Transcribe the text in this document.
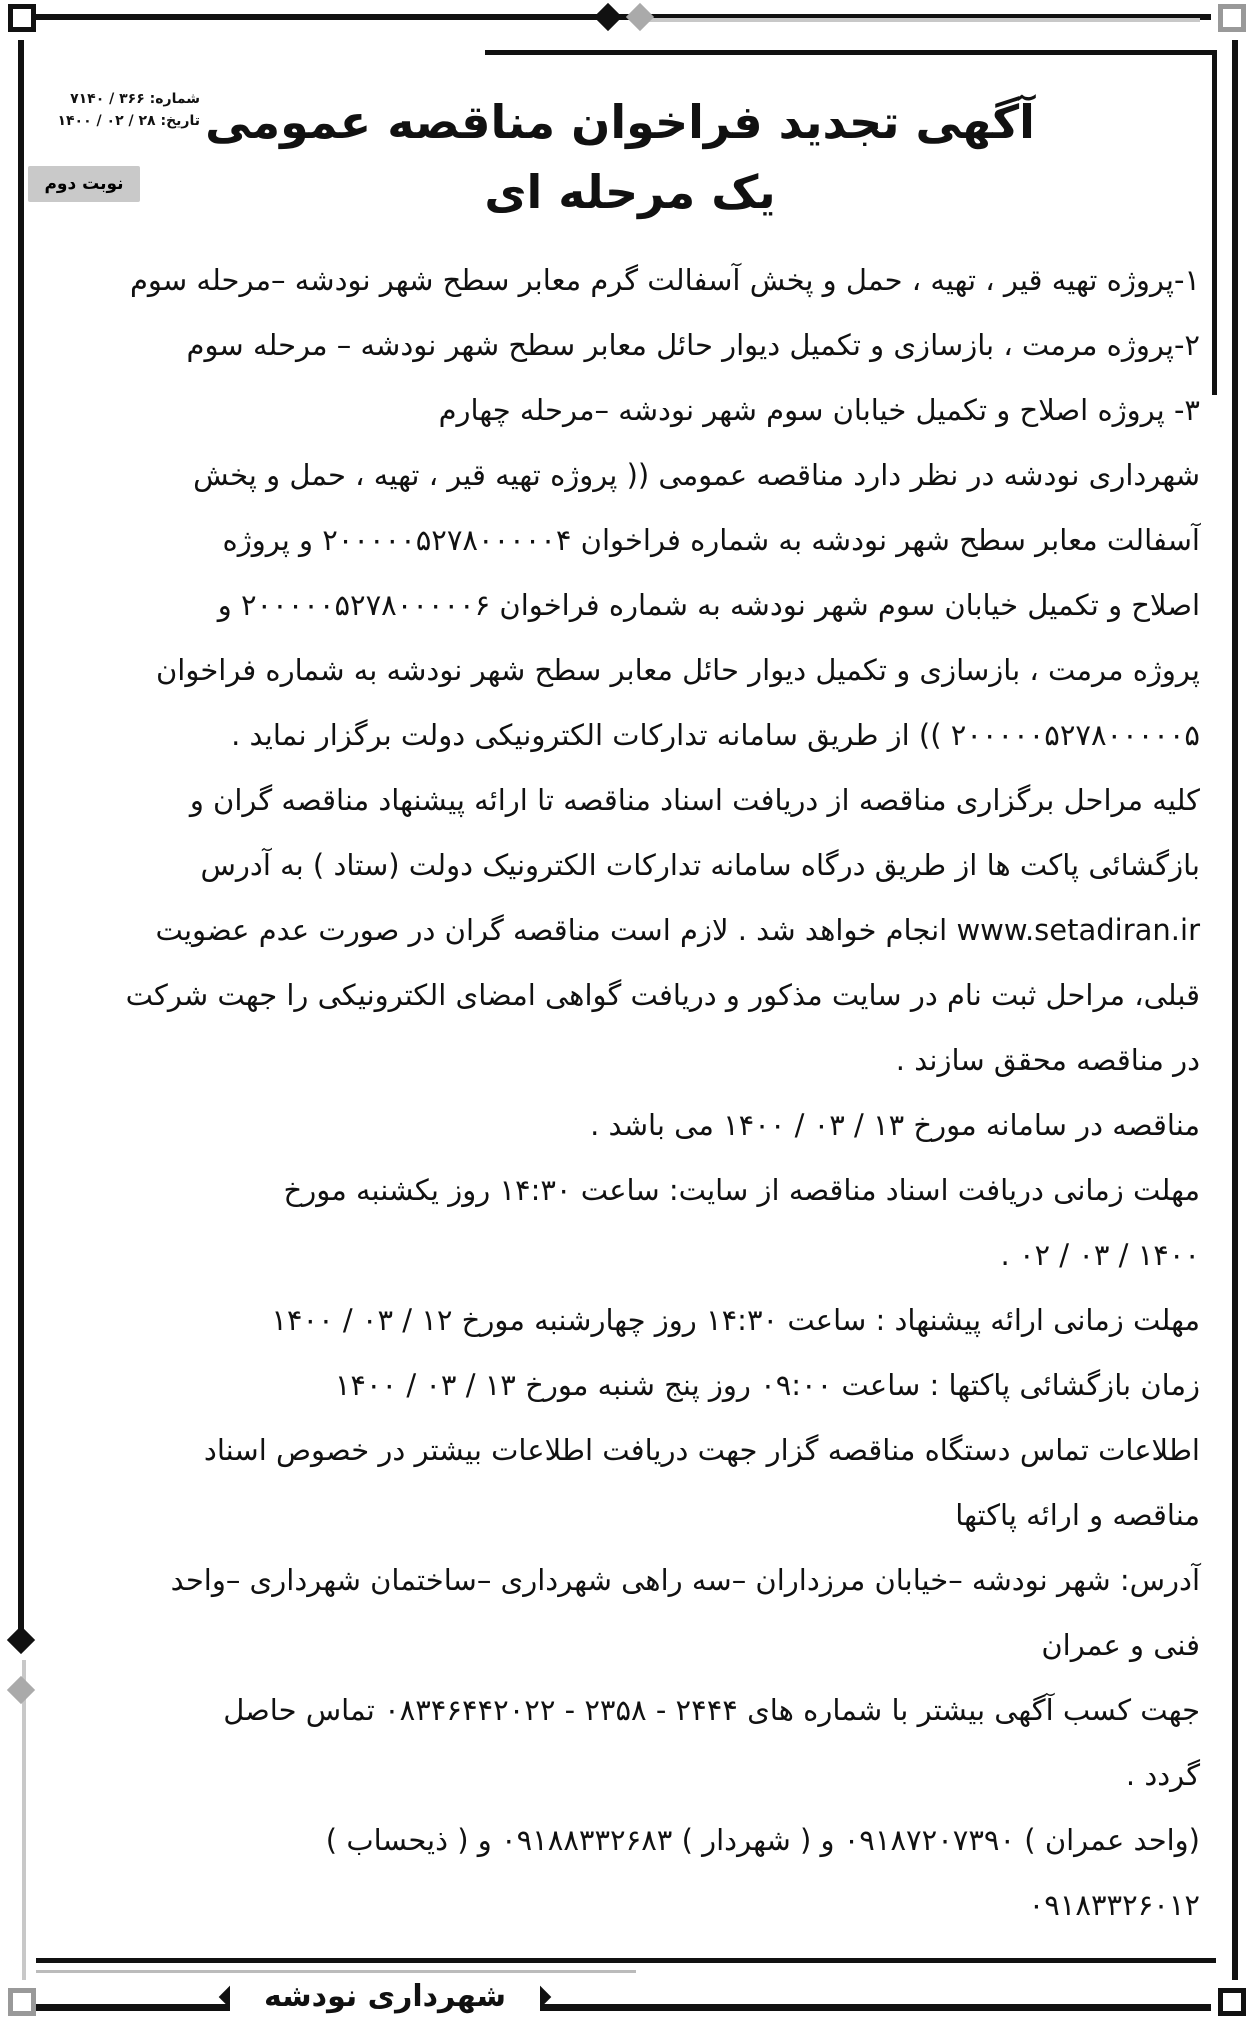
شماره: ۳۶۶ / ۷۱۴۰
تاریخ: ۲۸ / ۰۲ / ۱۴۰۰
نوبت دوم
آگهی تجدید فراخوان مناقصه عمومی
یک مرحله ای
۱-پروژه تهیه قیر ، تهیه ، حمل و پخش آسفالت گرم معابر سطح شهر نودشه –مرحله سوم
۲-پروژه مرمت ، بازسازی و تکمیل دیوار حائل معابر سطح شهر نودشه – مرحله سوم
۳- پروژه اصلاح و تکمیل خیابان سوم شهر نودشه –مرحله چهارم
شهرداری نودشه در نظر دارد مناقصه عمومی (( پروژه تهیه قیر ، تهیه ، حمل و پخش
آسفالت معابر سطح شهر نودشه به شماره فراخوان ۲۰۰۰۰۰۵۲۷۸۰۰۰۰۰۴ و پروژه
اصلاح و تکمیل خیابان سوم شهر نودشه به شماره فراخوان ۲۰۰۰۰۰۵۲۷۸۰۰۰۰۰۶ و
پروژه مرمت ، بازسازی و تکمیل دیوار حائل معابر سطح شهر نودشه به شماره فراخوان
۲۰۰۰۰۰۵۲۷۸۰۰۰۰۰۵ )) از طریق سامانه تدارکات الکترونیکی دولت برگزار نماید .
کلیه مراحل برگزاری مناقصه از دریافت اسناد مناقصه تا ارائه پیشنهاد مناقصه گران و
بازگشائی پاکت ها از طریق درگاه سامانه تدارکات الکترونیک دولت (ستاد ) به آدرس
www.setadiran.ir انجام خواهد شد . لازم است مناقصه گران در صورت عدم عضویت
قبلی، مراحل ثبت نام در سایت مذکور و دریافت گواهی امضای الکترونیکی را جهت شرکت
در مناقصه محقق سازند .
مناقصه در سامانه مورخ ۱۳ / ۰۳ / ۱۴۰۰ می باشد .
مهلت زمانی دریافت اسناد مناقصه از سایت: ساعت ۱۴:۳۰ روز یکشنبه مورخ
۱۴۰۰ / ۰۳ / ۰۲ .
مهلت زمانی ارائه پیشنهاد : ساعت ۱۴:۳۰ روز چهارشنبه مورخ ۱۲ / ۰۳ / ۱۴۰۰
زمان بازگشائی پاکتها : ساعت ۰۹:۰۰ روز پنج شنبه مورخ ۱۳ / ۰۳ / ۱۴۰۰
اطلاعات تماس دستگاه مناقصه گزار جهت دریافت اطلاعات بیشتر در خصوص اسناد
مناقصه و ارائه پاکتها
آدرس: شهر نودشه –خیابان مرزداران –سه راهی شهرداری –ساختمان شهرداری –واحد
فنی و عمران
جهت کسب آگهی بیشتر با شماره های ۲۴۴۴ - ۲۳۵۸ - ۰۸۳۴۶۴۴۲۰۲۲ تماس حاصل
گردد .
(واحد عمران ) ۰۹۱۸۷۲۰۷۳۹۰ و ( شهردار ) ۰۹۱۸۸۳۳۲۶۸۳ و ( ذیحساب )
۰۹۱۸۳۳۲۶۰۱۲
شهرداری نودشه
